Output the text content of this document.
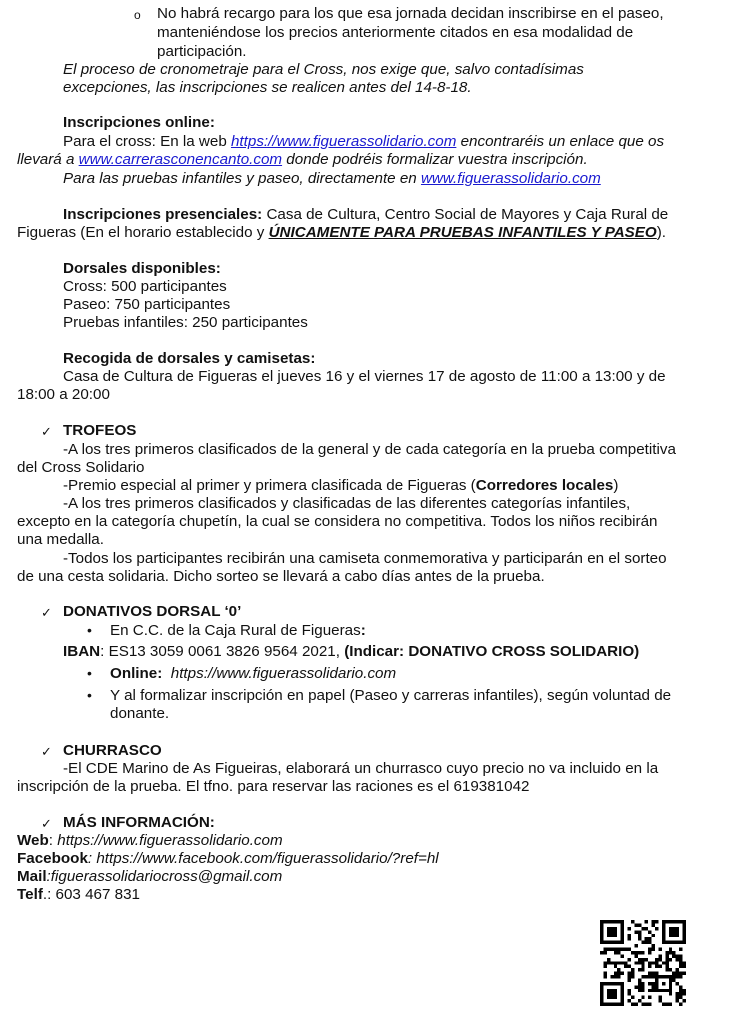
o No habrá recargo para los que esa jornada decidan inscribirse en el paseo,
manteniéndose los precios anteriormente citados en esa modalidad de
participación.
El proceso de cronometraje para el Cross, nos exige que, salvo contadísimas
excepciones, las inscripciones se realicen antes del 14-8-18.
Inscripciones online:
Para el cross: En la web https://www.figuerassolidario.com encontraréis un enlace que os
llevará a www.carrerasconencanto.com donde podréis formalizar vuestra inscripción.
Para las pruebas infantiles y paseo, directamente en www.figuerassolidario.com
Inscripciones presenciales: Casa de Cultura, Centro Social de Mayores y Caja Rural de
Figueras (En el horario establecido y ÚNICAMENTE PARA PRUEBAS INFANTILES Y PASEO).
Dorsales disponibles:
Cross: 500 participantes
Paseo: 750 participantes
Pruebas infantiles: 250 participantes
Recogida de dorsales y camisetas:
Casa de Cultura de Figueras el jueves 16 y el viernes 17 de agosto de 11:00 a 13:00 y de
18:00 a 20:00
✓ TROFEOS
-A los tres primeros clasificados de la general y de cada categoría en la prueba competitiva
del Cross Solidario
-Premio especial al primer y primera clasificada de Figueras (Corredores locales)
-A los tres primeros clasificados y clasificadas de las diferentes categorías infantiles,
excepto en la categoría chupetín, la cual se considera no competitiva. Todos los niños recibirán
una medalla.
-Todos los participantes recibirán una camiseta conmemorativa y participarán en el sorteo
de una cesta solidaria. Dicho sorteo se llevará a cabo días antes de la prueba.
✓ DONATIVOS DORSAL ‘0’
• En C.C. de la Caja Rural de Figueras:
IBAN: ES13 3059 0061 3826 9564 2021, (Indicar: DONATIVO CROSS SOLIDARIO)
• Online: https://www.figuerassolidario.com
• Y al formalizar inscripción en papel (Paseo y carreras infantiles), según voluntad de
donante.
✓ CHURRASCO
-El CDE Marino de As Figueiras, elaborará un churrasco cuyo precio no va incluido en la
inscripción de la prueba. El tfno. para reservar las raciones es el 619381042
✓ MÁS INFORMACIÓN:
Web: https://www.figuerassolidario.com
Facebook: https://www.facebook.com/figuerassolidario/?ref=hl
Mail:figuerassolidariocross@gmail.com
Telf.: 603 467 831
